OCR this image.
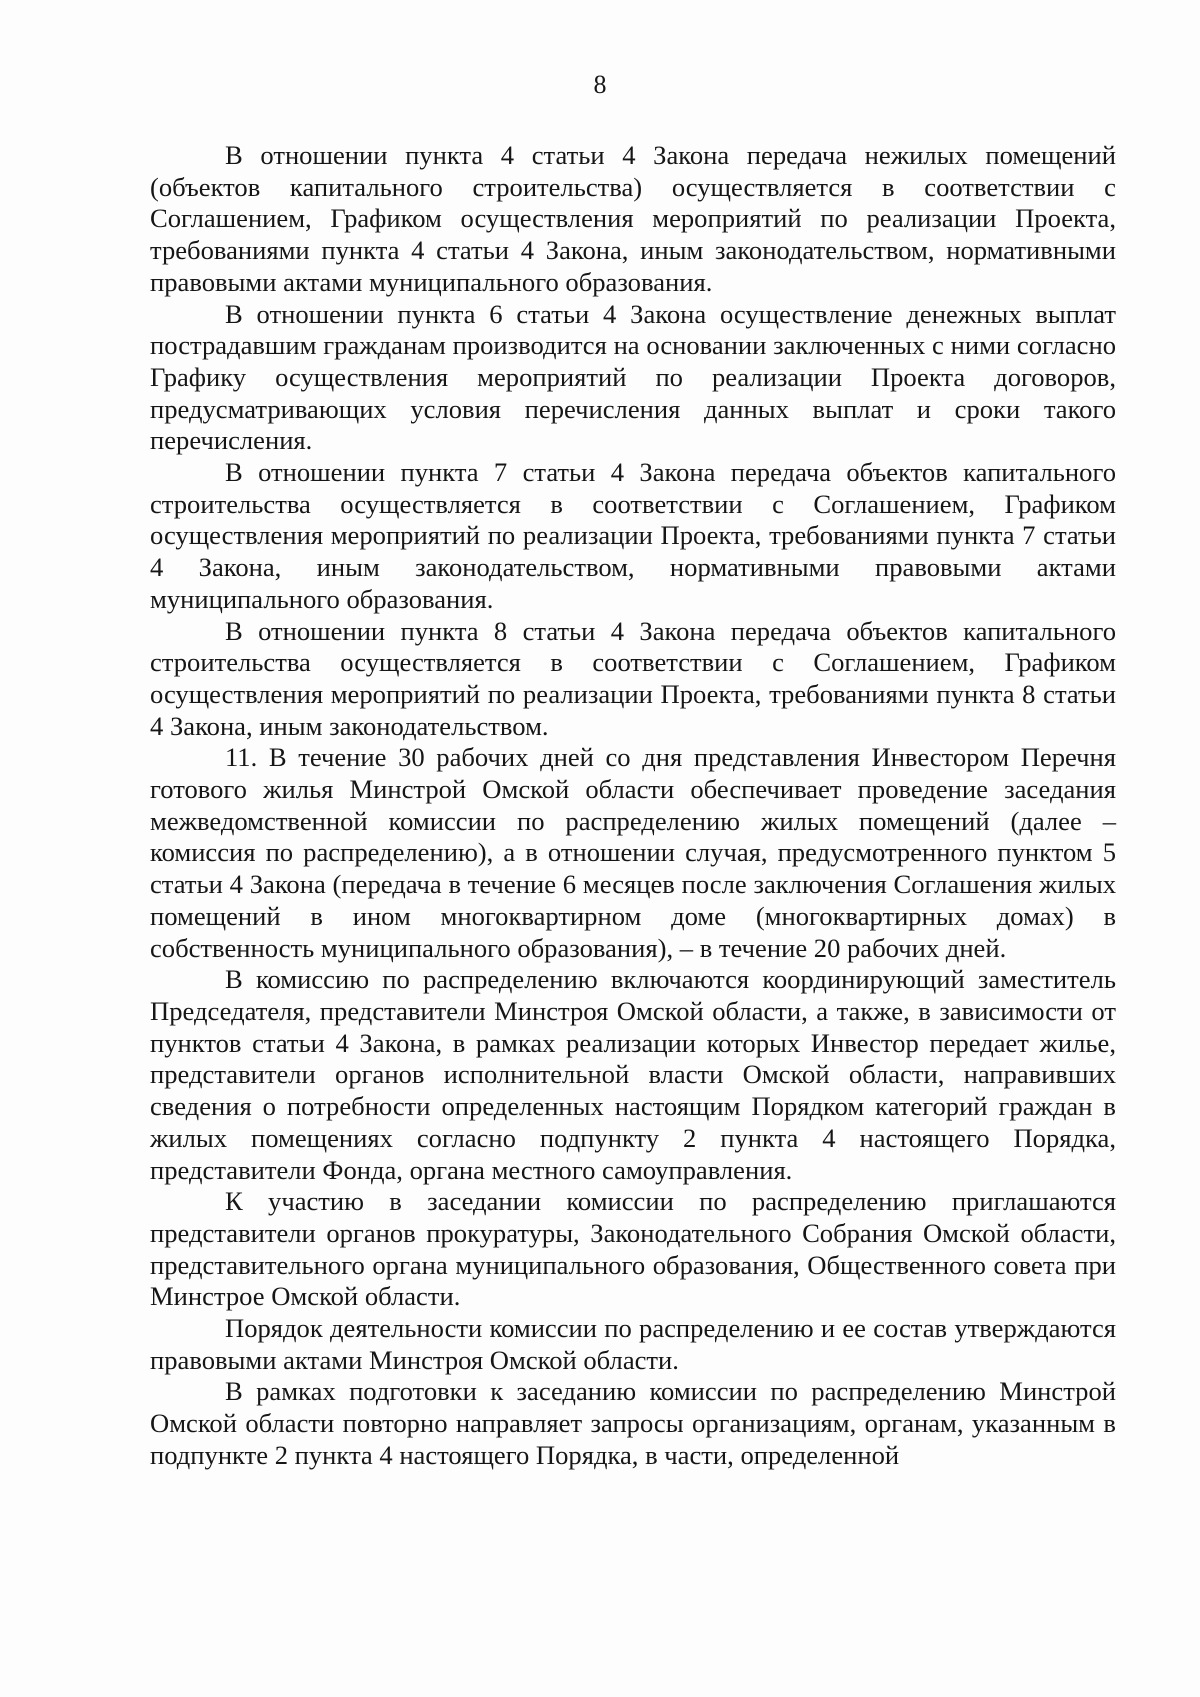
8

В отношении пункта 4 статьи 4 Закона передача нежилых помещений (объектов капитального строительства) осуществляется в соответствии с Соглашением, Графиком осуществления мероприятий по реализации Проекта, требованиями пункта 4 статьи 4 Закона, иным законодательством, нормативными правовыми актами муниципального образования.

В отношении пункта 6 статьи 4 Закона осуществление денежных выплат пострадавшим гражданам производится на основании заключенных с ними согласно Графику осуществления мероприятий по реализации Проекта договоров, предусматривающих условия перечисления данных выплат и сроки такого перечисления.

В отношении пункта 7 статьи 4 Закона передача объектов капитального строительства осуществляется в соответствии с Соглашением, Графиком осуществления мероприятий по реализации Проекта, требованиями пункта 7 статьи 4 Закона, иным законодательством, нормативными правовыми актами муниципального образования.

В отношении пункта 8 статьи 4 Закона передача объектов капитального строительства осуществляется в соответствии с Соглашением, Графиком осуществления мероприятий по реализации Проекта, требованиями пункта 8 статьи 4 Закона, иным законодательством.

11. В течение 30 рабочих дней со дня представления Инвестором Перечня готового жилья Минстрой Омской области обеспечивает проведение заседания межведомственной комиссии по распределению жилых помещений (далее – комиссия по распределению), а в отношении случая, предусмотренного пунктом 5 статьи 4 Закона (передача в течение 6 месяцев после заключения Соглашения жилых помещений в ином многоквартирном доме (многоквартирных домах) в собственность муниципального образования), – в течение 20 рабочих дней.

В комиссию по распределению включаются координирующий заместитель Председателя, представители Минстроя Омской области, а также, в зависимости от пунктов статьи 4 Закона, в рамках реализации которых Инвестор передает жилье, представители органов исполнительной власти Омской области, направивших сведения о потребности определенных настоящим Порядком категорий граждан в жилых помещениях согласно подпункту 2 пункта 4 настоящего Порядка, представители Фонда, органа местного самоуправления.

К участию в заседании комиссии по распределению приглашаются представители органов прокуратуры, Законодательного Собрания Омской области, представительного органа муниципального образования, Общественного совета при Минстрое Омской области.

Порядок деятельности комиссии по распределению и ее состав утверждаются правовыми актами Минстроя Омской области.

В рамках подготовки к заседанию комиссии по распределению Минстрой Омской области повторно направляет запросы организациям, органам, указанным в подпункте 2 пункта 4 настоящего Порядка, в части, определенной
